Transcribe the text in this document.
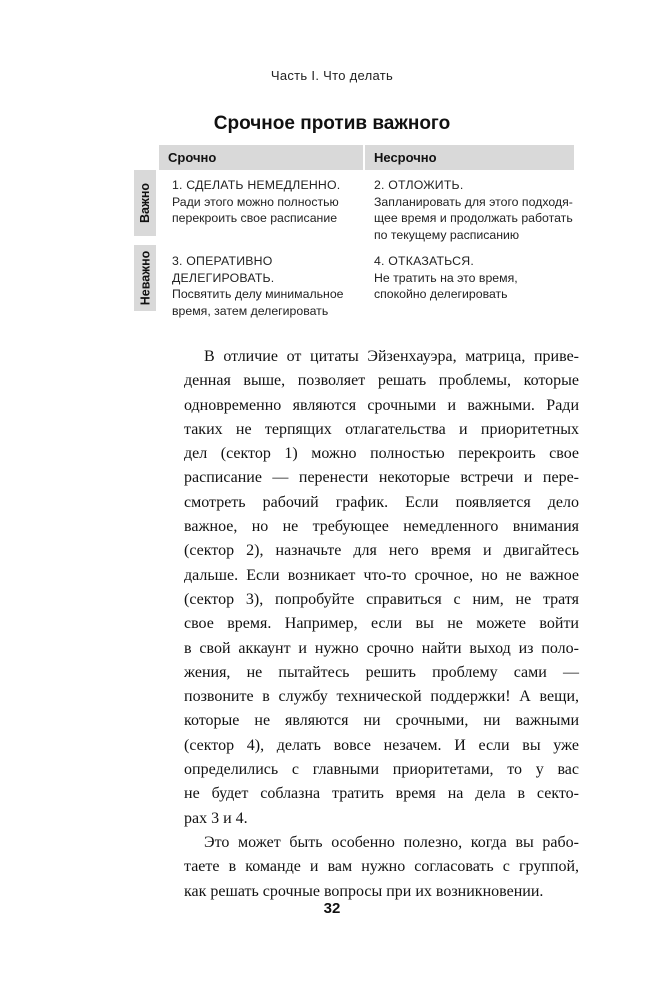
Часть I. Что делать
Срочное против важного
Срочно	Несрочно
Важно
Неважно
1. СДЕЛАТЬ НЕМЕДЛЕННО.
Ради этого можно полностью
перекроить свое расписание
2. ОТЛОЖИТЬ.
Запланировать для этого подходя-
щее время и продолжать работать
по текущему расписанию
3. ОПЕРАТИВНО ДЕЛЕГИРОВАТЬ.
Посвятить делу минимальное
время, затем делегировать
4. ОТКАЗАТЬСЯ.
Не тратить на это время,
спокойно делегировать
В отличие от цитаты Эйзенхауэра, матрица, приве-
денная выше, позволяет решать проблемы, которые
одновременно являются срочными и важными. Ради
таких не терпящих отлагательства и приоритетных
дел (сектор 1) можно полностью перекроить свое
расписание — перенести некоторые встречи и пере-
смотреть рабочий график. Если появляется дело
важное, но не требующее немедленного внимания
(сектор 2), назначьте для него время и двигайтесь
дальше. Если возникает что-то срочное, но не важное
(сектор 3), попробуйте справиться с ним, не тратя
свое время. Например, если вы не можете войти
в свой аккаунт и нужно срочно найти выход из поло-
жения, не пытайтесь решить проблему сами —
позвоните в службу технической поддержки! А вещи,
которые не являются ни срочными, ни важными
(сектор 4), делать вовсе незачем. И если вы уже
определились с главными приоритетами, то у вас
не будет соблазна тратить время на дела в секто-
рах 3 и 4.
Это может быть особенно полезно, когда вы рабо-
таете в команде и вам нужно согласовать с группой,
как решать срочные вопросы при их возникновении.
32
